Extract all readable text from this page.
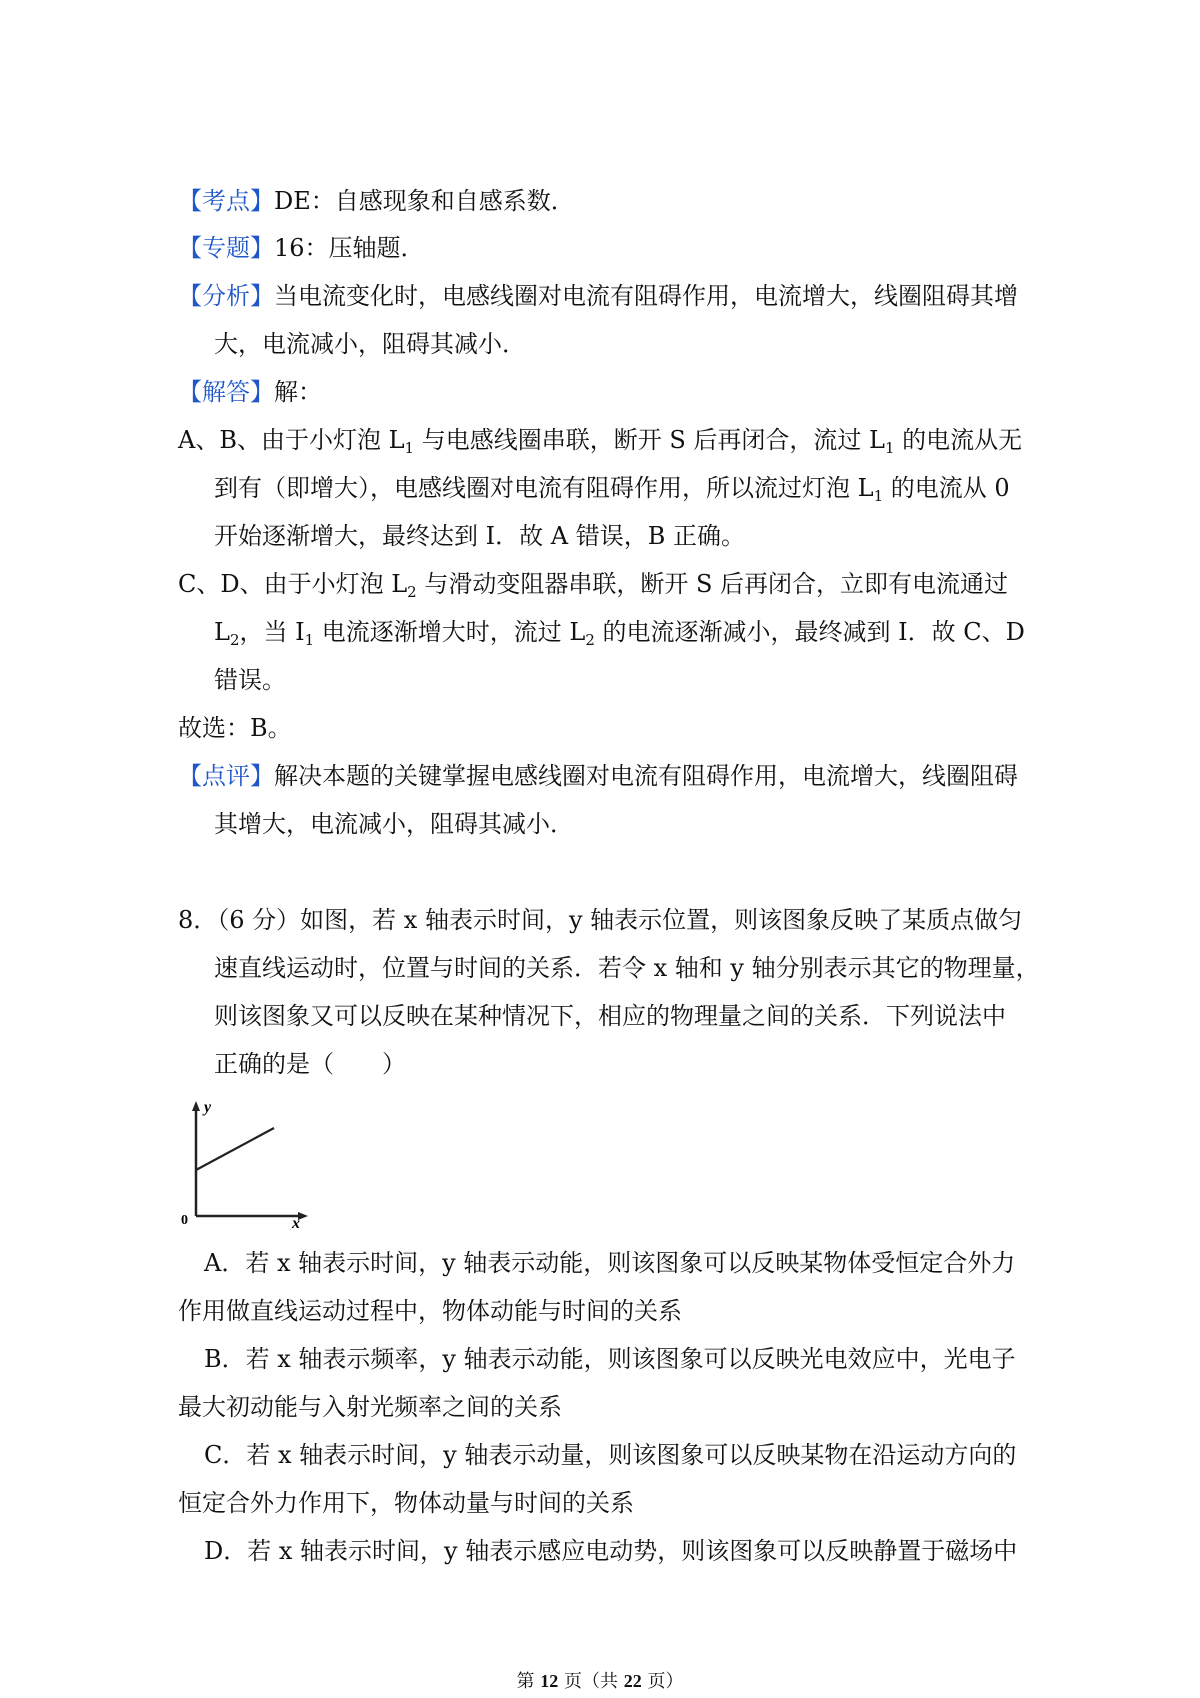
【考点】DE：自感现象和自感系数．
【专题】16：压轴题．
【分析】当电流变化时，电感线圈对电流有阻碍作用，电流增大，线圈阻碍其增
大，电流减小，阻碍其减小．
【解答】解：
A、B、由于小灯泡 $L_1$ 与电感线圈串联，断开 S 后再闭合，流过 $L_1$ 的电流从无
到有（即增大），电感线圈对电流有阻碍作用，所以流过灯泡 $L_1$ 的电流从 0
开始逐渐增大，最终达到 I．故 A 错误，B 正确。
C、D、由于小灯泡 $L_2$ 与滑动变阻器串联，断开 S 后再闭合，立即有电流通过
$L_2$，当 $I_1$ 电流逐渐增大时，流过 $L_2$ 的电流逐渐减小，最终减到 I．故 C、D
错误。
故选：B。
【点评】解决本题的关键掌握电感线圈对电流有阻碍作用，电流增大，线圈阻碍
其增大，电流减小，阻碍其减小．
8．（6 分）如图，若 x 轴表示时间，y 轴表示位置，则该图象反映了某质点做匀
速直线运动时，位置与时间的关系．若令 x 轴和 y 轴分别表示其它的物理量，
则该图象又可以反映在某种情况下，相应的物理量之间的关系．下列说法中
正确的是（　　）
y
x
0
A．若 x 轴表示时间，y 轴表示动能，则该图象可以反映某物体受恒定合外力
作用做直线运动过程中，物体动能与时间的关系
B．若 x 轴表示频率，y 轴表示动能，则该图象可以反映光电效应中，光电子
最大初动能与入射光频率之间的关系
C．若 x 轴表示时间，y 轴表示动量，则该图象可以反映某物在沿运动方向的
恒定合外力作用下，物体动量与时间的关系
D．若 x 轴表示时间，y 轴表示感应电动势，则该图象可以反映静置于磁场中
第 12 页（共 22 页）
